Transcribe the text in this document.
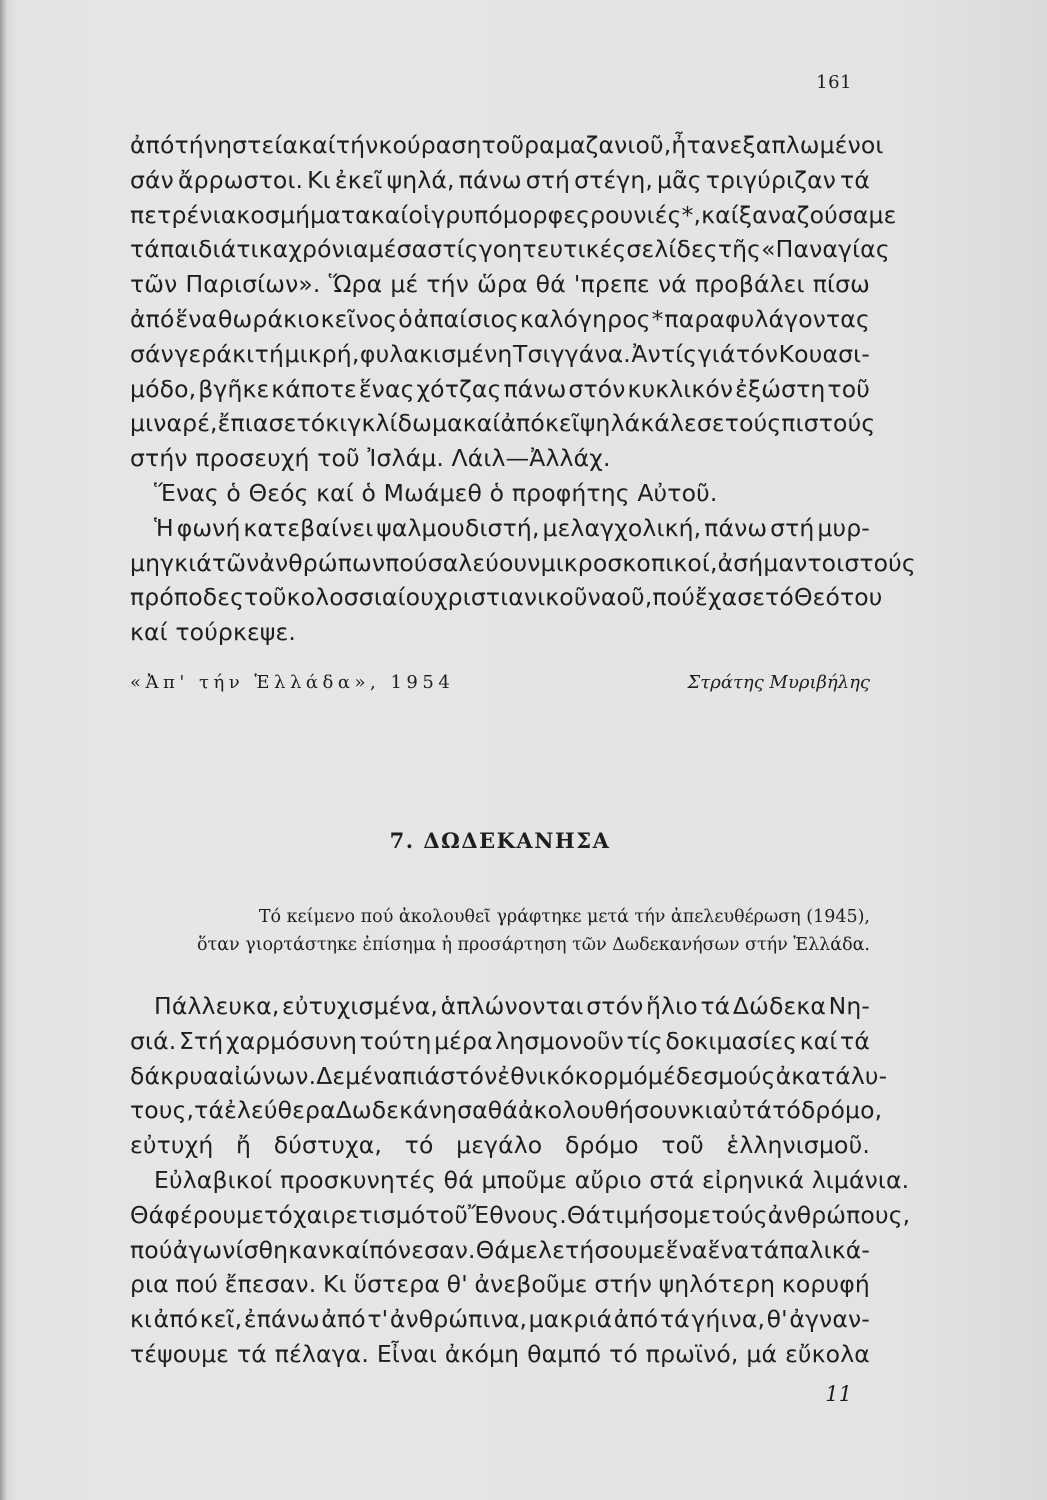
161
ἀπό τή νηστεία καί τήν κούραση τοῦ ραμαζανιοῦ, ἦτανε ξαπλωμένοι
σάν ἄρρωστοι. Κι ἐκεῖ ψηλά, πάνω στή στέγη, μᾶς τριγύριζαν τά
πετρένια κοσμήματα καί οἱ γρυπόμορφες ρουνιές *, καί ξαναζούσαμε
τά παιδιάτικα χρόνια μέσα στίς γοητευτικές σελίδες τῆς «Παναγίας
τῶν Παρισίων». Ὥρα μέ τήν ὥρα θά 'πρεπε νά προβάλει πίσω
ἀπό ἕνα θωράκιο κεῖνος ὁ ἀπαίσιος καλόγηρος * παραφυλάγοντας
σάν γεράκι τή μικρή, φυλακισμένη Τσιγγάνα. Ἀντίς γιά τόν Κουασι-
μόδο, βγῆκε κάποτε ἕνας χότζας πάνω στόν κυκλικόν ἐξώστη τοῦ
μιναρέ, ἔπιασε τό κιγκλίδωμα καί ἀπό κεῖ ψηλά κάλεσε τούς πιστούς
στήν προσευχή τοῦ Ἰσλάμ. Λάιλ—Ἀλλάχ.
Ἕνας ὁ Θεός καί ὁ Μωάμεθ ὁ προφήτης Αὐτοῦ.
Ἡ φωνή κατεβαίνει ψαλμουδιστή, μελαγχολική, πάνω στή μυρ-
μηγκιά τῶν ἀνθρώπων πού σαλεύουν μικροσκοπικοί, ἀσήμαντοι στούς
πρόποδες τοῦ κολοσσιαίου χριστιανικοῦ ναοῦ, πού ἔχασε τό Θεό του
καί τούρκεψε.
«Ἀπ' τήν Ἑλλάδα», 1954	Στράτης Μυριβήλης
7. ΔΩΔΕΚΑΝΗΣΑ
Τό κείμενο πού ἀκολουθεῖ γράφτηκε μετά τήν ἀπελευθέρωση (1945),
ὅταν γιορτάστηκε ἐπίσημα ἡ προσάρτηση τῶν Δωδεκανήσων στήν Ἑλλάδα.
Πάλλευκα, εὐτυχισμένα, ἁπλώνονται στόν ἥλιο τά Δώδεκα Νη-
σιά. Στή χαρμόσυνη τούτη μέρα λησμονοῦν τίς δοκιμασίες καί τά
δάκρυα αἰώνων. Δεμένα πιά στόν ἐθνικό κορμό μέ δεσμούς ἀκατάλυ-
τους, τά ἐλεύθερα Δωδεκάνησα θά ἀκολουθήσουν κι αὐτά τό δρόμο,
εὐτυχή ἤ δύστυχα, τό μεγάλο δρόμο τοῦ ἑλληνισμοῦ.
Εὐλαβικοί προσκυνητές θά μποῦμε αὔριο στά εἰρηνικά λιμάνια.
Θά φέρουμε τό χαιρετισμό τοῦ Ἔθνους. Θά τιμήσομε τούς ἀνθρώπους,
πού ἀγωνίσθηκαν καί πόνεσαν. Θά μελετήσουμε ἕνα ἕνα τά παλικά-
ρια πού ἔπεσαν. Κι ὕστερα θ' ἀνεβοῦμε στήν ψηλότερη κορυφή
κι ἀπό κεῖ, ἐπάνω ἀπό τ' ἀνθρώπινα, μακριά ἀπό τά γήινα, θ' ἀγναν-
τέψουμε τά πέλαγα. Εἶναι ἀκόμη θαμπό τό πρωϊνό, μά εὔκολα
11
